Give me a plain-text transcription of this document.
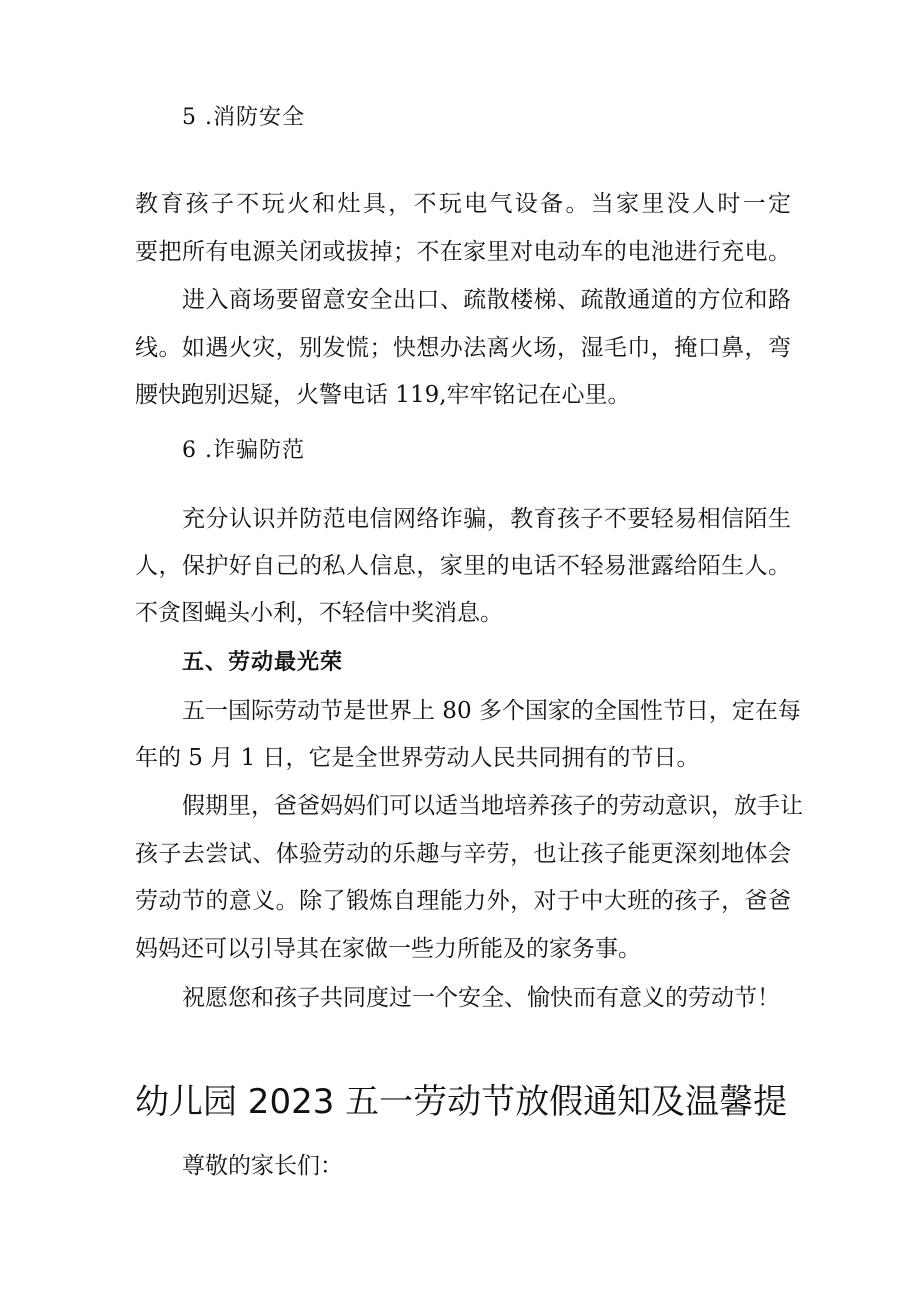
5 .消防安全
教育孩子不玩火和灶具，不玩电气设备。当家里没人时一定
要把所有电源关闭或拔掉；不在家里对电动车的电池进行充电。
进入商场要留意安全出口、疏散楼梯、疏散通道的方位和路
线。如遇火灾，别发慌；快想办法离火场，湿毛巾，掩口鼻，弯
腰快跑别迟疑，火警电话 119,牢牢铭记在心里。
6 .诈骗防范
充分认识并防范电信网络诈骗，教育孩子不要轻易相信陌生
人，保护好自己的私人信息，家里的电话不轻易泄露给陌生人。
不贪图蝇头小利，不轻信中奖消息。
五、劳动最光荣
五一国际劳动节是世界上 80 多个国家的全国性节日，定在每
年的 5 月 1 日，它是全世界劳动人民共同拥有的节日。
假期里，爸爸妈妈们可以适当地培养孩子的劳动意识，放手让
孩子去尝试、体验劳动的乐趣与辛劳，也让孩子能更深刻地体会
劳动节的意义。除了锻炼自理能力外，对于中大班的孩子，爸爸
妈妈还可以引导其在家做一些力所能及的家务事。
祝愿您和孩子共同度过一个安全、愉快而有意义的劳动节！
幼儿园 2023 五一劳动节放假通知及温馨提
尊敬的家长们：
